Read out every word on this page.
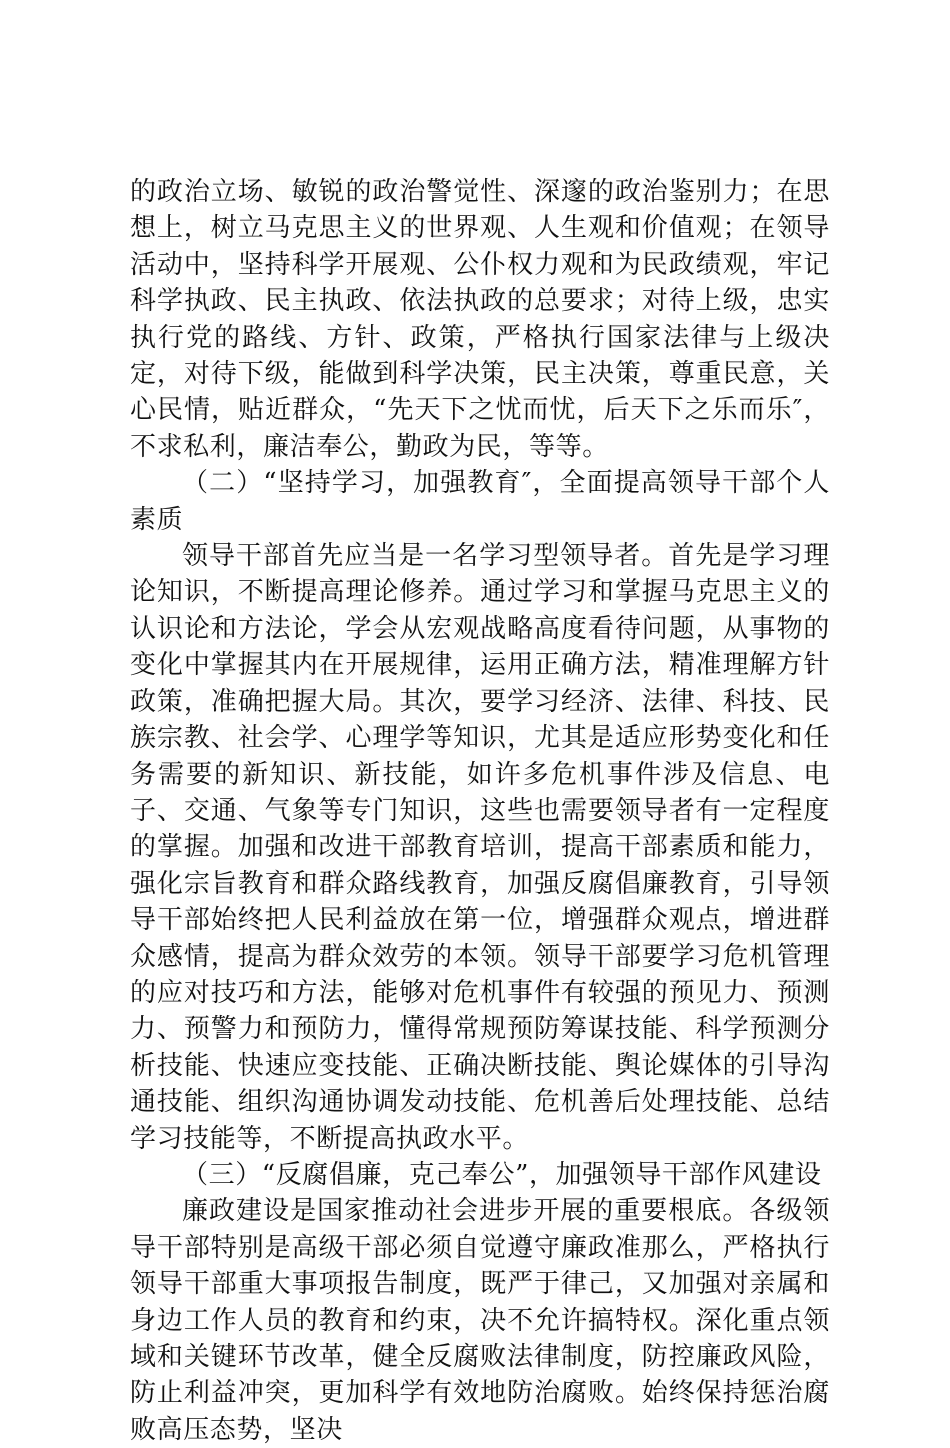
的政治立场、敏锐的政治警觉性、深邃的政治鉴别力；在思想上，树立马克思主义的世界观、人生观和价值观；在领导活动中，坚持科学开展观、公仆权力观和为民政绩观，牢记科学执政、民主执政、依法执政的总要求；对待上级，忠实执行党的路线、方针、政策，严格执行国家法律与上级决定，对待下级，能做到科学决策，民主决策，尊重民意，关心民情，贴近群众，“先天下之忧而忧，后天下之乐而乐″，不求私利，廉洁奉公，勤政为民，等等。

（二）“坚持学习，加强教育″，全面提高领导干部个人素质

领导干部首先应当是一名学习型领导者。首先是学习理论知识，不断提高理论修养。通过学习和掌握马克思主义的认识论和方法论，学会从宏观战略高度看待问题，从事物的变化中掌握其内在开展规律，运用正确方法，精准理解方针政策，准确把握大局。其次，要学习经济、法律、科技、民族宗教、社会学、心理学等知识，尤其是适应形势变化和任务需要的新知识、新技能，如许多危机事件涉及信息、电子、交通、气象等专门知识，这些也需要领导者有一定程度的掌握。加强和改进干部教育培训，提高干部素质和能力，强化宗旨教育和群众路线教育，加强反腐倡廉教育，引导领导干部始终把人民利益放在第一位，增强群众观点，增进群众感情，提高为群众效劳的本领。领导干部要学习危机管理的应对技巧和方法，能够对危机事件有较强的预见力、预测力、预警力和预防力，懂得常规预防筹谋技能、科学预测分析技能、快速应变技能、正确决断技能、舆论媒体的引导沟通技能、组织沟通协调发动技能、危机善后处理技能、总结学习技能等，不断提高执政水平。

（三）“反腐倡廉，克己奉公”，加强领导干部作风建设

廉政建设是国家推动社会进步开展的重要根底。各级领导干部特别是高级干部必须自觉遵守廉政准那么，严格执行领导干部重大事项报告制度，既严于律己，又加强对亲属和身边工作人员的教育和约束，决不允许搞特权。深化重点领域和关键环节改革，健全反腐败法律制度，防控廉政风险，防止利益冲突，更加科学有效地防治腐败。始终保持惩治腐败高压态势，坚决
